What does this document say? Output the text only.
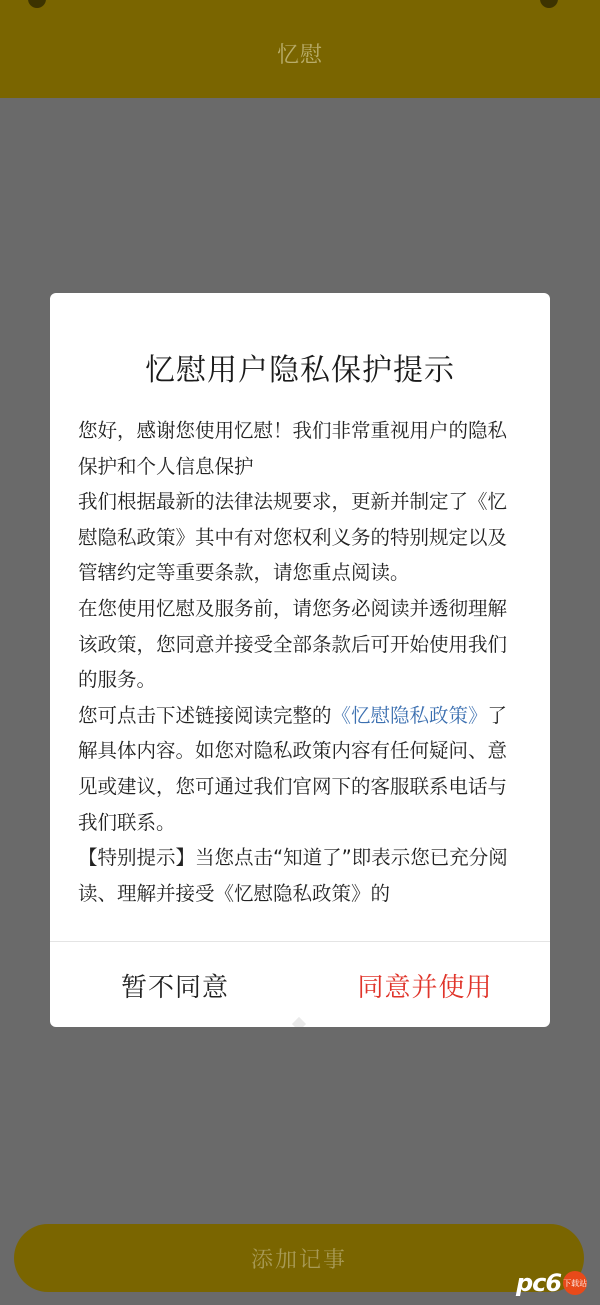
忆慰
添加记事
忆慰用户隐私保护提示

您好，感谢您使用忆慰！我们非常重视用户的隐私保护和个人信息保护

我们根据最新的法律法规要求，更新并制定了《忆慰隐私政策》其中有对您权利义务的特别规定以及管辖约定等重要条款，请您重点阅读。

在您使用忆慰及服务前，请您务必阅读并透彻理解该政策，您同意并接受全部条款后可开始使用我们的服务。

您可点击下述链接阅读完整的《忆慰隐私政策》了解具体内容。如您对隐私政策内容有任何疑问、意见或建议，您可通过我们官网下的客服联系电话与我们联系。

【特别提示】当您点击“知道了”即表示您已充分阅读、理解并接受《忆慰隐私政策》的

暂不同意	同意并使用
pc6 下载站
